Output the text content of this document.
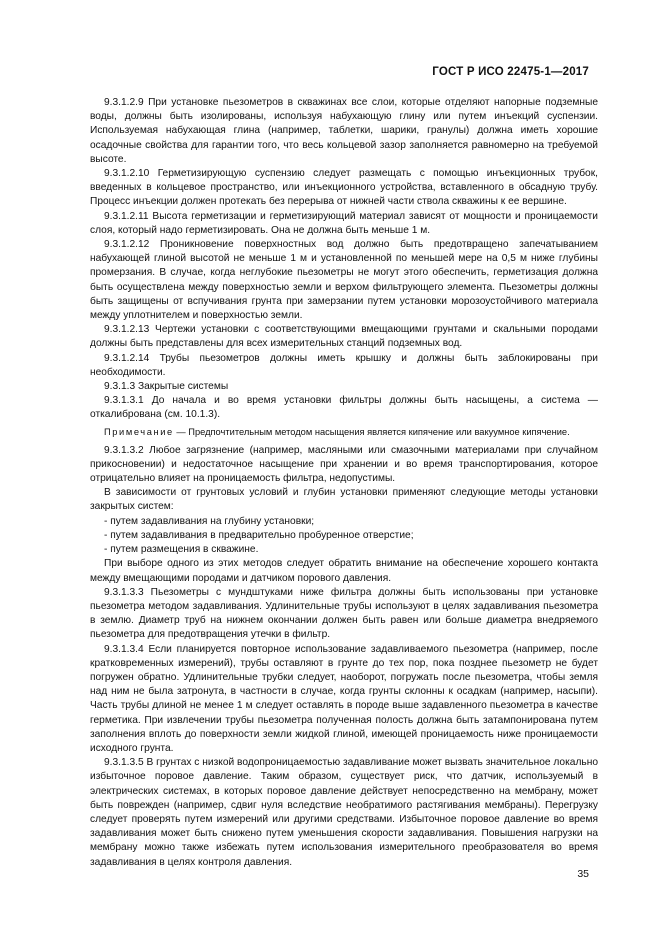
ГОСТ Р ИСО 22475-1—2017

9.3.1.2.9 При установке пьезометров в скважинах все слои, которые отделяют напорные подземные воды, должны быть изолированы, используя набухающую глину или путем инъекций суспензии. Используемая набухающая глина (например, таблетки, шарики, гранулы) должна иметь хорошие осадочные свойства для гарантии того, что весь кольцевой зазор заполняется равномерно на требуемой высоте.

9.3.1.2.10 Герметизирующую суспензию следует размещать с помощью инъекционных трубок, введенных в кольцевое пространство, или инъекционного устройства, вставленного в обсадную трубу. Процесс инъекции должен протекать без перерыва от нижней части ствола скважины к ее вершине.

9.3.1.2.11 Высота герметизации и герметизирующий материал зависят от мощности и проницаемости слоя, который надо герметизировать. Она не должна быть меньше 1 м.

9.3.1.2.12 Проникновение поверхностных вод должно быть предотвращено запечатыванием набухающей глиной высотой не меньше 1 м и установленной по меньшей мере на 0,5 м ниже глубины промерзания. В случае, когда неглубокие пьезометры не могут этого обеспечить, герметизация должна быть осуществлена между поверхностью земли и верхом фильтрующего элемента. Пьезометры должны быть защищены от вспучивания грунта при замерзании путем установки морозоустойчивого материала между уплотнителем и поверхностью земли.

9.3.1.2.13 Чертежи установки с соответствующими вмещающими грунтами и скальными породами должны быть представлены для всех измерительных станций подземных вод.

9.3.1.2.14 Трубы пьезометров должны иметь крышку и должны быть заблокированы при необходимости.

9.3.1.3 Закрытые системы

9.3.1.3.1 До начала и во время установки фильтры должны быть насыщены, а система — откалибрована (см. 10.1.3).

Примечание — Предпочтительным методом насыщения является кипячение или вакуумное кипячение.

9.3.1.3.2 Любое загрязнение (например, масляными или смазочными материалами при случайном прикосновении) и недостаточное насыщение при хранении и во время транспортирования, которое отрицательно влияет на проницаемость фильтра, недопустимы.

В зависимости от грунтовых условий и глубин установки применяют следующие методы установки закрытых систем:

- путем задавливания на глубину установки;
- путем задавливания в предварительно пробуренное отверстие;
- путем размещения в скважине.

При выборе одного из этих методов следует обратить внимание на обеспечение хорошего контакта между вмещающими породами и датчиком порового давления.

9.3.1.3.3 Пьезометры с мундштуками ниже фильтра должны быть использованы при установке пьезометра методом задавливания. Удлинительные трубы используют в целях задавливания пьезометра в землю. Диаметр труб на нижнем окончании должен быть равен или больше диаметра внедряемого пьезометра для предотвращения утечки в фильтр.

9.3.1.3.4 Если планируется повторное использование задавливаемого пьезометра (например, после кратковременных измерений), трубы оставляют в грунте до тех пор, пока позднее пьезометр не будет погружен обратно. Удлинительные трубки следует, наоборот, погружать после пьезометра, чтобы земля над ним не была затронута, в частности в случае, когда грунты склонны к осадкам (например, насыпи). Часть трубы длиной не менее 1 м следует оставлять в породе выше задавленного пьезометра в качестве герметика. При извлечении трубы пьезометра полученная полость должна быть затампонирована путем заполнения вплоть до поверхности земли жидкой глиной, имеющей проницаемость ниже проницаемости исходного грунта.

9.3.1.3.5 В грунтах с низкой водопроницаемостью задавливание может вызвать значительное локально избыточное поровое давление. Таким образом, существует риск, что датчик, используемый в электрических системах, в которых поровое давление действует непосредственно на мембрану, может быть поврежден (например, сдвиг нуля вследствие необратимого растягивания мембраны). Перегрузку следует проверять путем измерений или другими средствами. Избыточное поровое давление во время задавливания может быть снижено путем уменьшения скорости задавливания. Повышения нагрузки на мембрану можно также избежать путем использования измерительного преобразователя во время задавливания в целях контроля давления.

35
